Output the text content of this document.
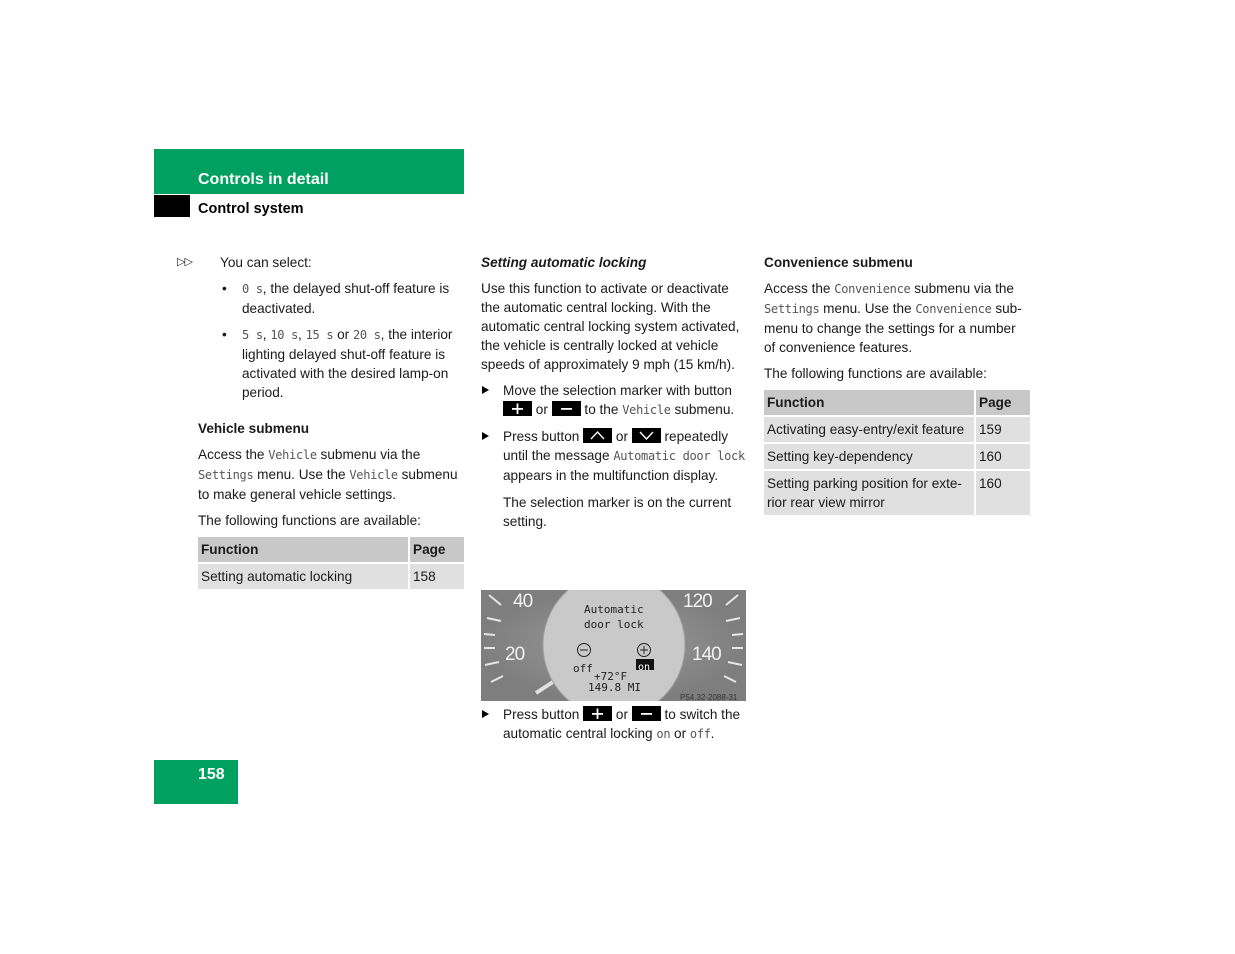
Controls in detail
Control system
▷▷	You can select:

• 0 s, the delayed shut-off feature is deactivated.
• 5 s, 10 s, 15 s or 20 s, the interior lighting delayed shut-off feature is activated with the desired lamp-on period.

Vehicle submenu

Access the Vehicle submenu via the Settings menu. Use the Vehicle submenu to make general vehicle settings.

The following functions are available:

Function	Page
Setting automatic locking	158

Setting automatic locking

Use this function to activate or deactivate the automatic central locking. With the automatic central locking system activated, the vehicle is centrally locked at vehicle speeds of approximately 9 mph (15 km/h).

Move the selection marker with button
or
to the Vehicle submenu.
Press button
or
repeatedly until the message Automatic door lock appears in the multifunction display.

The selection marker is on the current setting.

40	120
20	140
Automatic
door lock
off	on
+72°F
149.8 MI
P54.32-2088-31
Press button
or
to switch the automatic central locking on or off.

Convenience submenu

Access the Convenience submenu via the Settings menu. Use the Convenience sub-menu to change the settings for a number of convenience features.

The following functions are available:

Function	Page
Activating easy-entry/exit feature	159
Setting key-dependency	160
Setting parking position for exte-rior rear view mirror	160
158
